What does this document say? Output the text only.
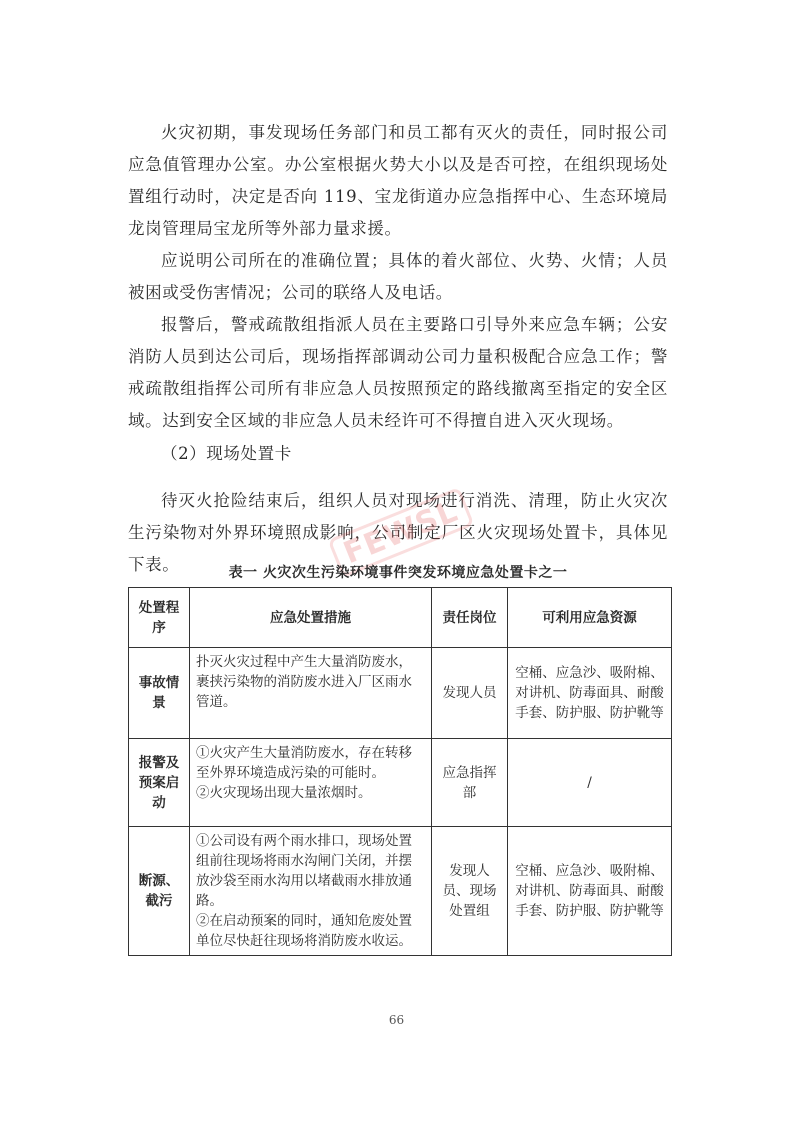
火灾初期，事发现场任务部门和员工都有灭火的责任，同时报公司应急值管理办公室。办公室根据火势大小以及是否可控，在组织现场处置组行动时，决定是否向 119、宝龙街道办应急指挥中心、生态环境局龙岗管理局宝龙所等外部力量求援。

应说明公司所在的准确位置；具体的着火部位、火势、火情；人员被困或受伤害情况；公司的联络人及电话。

报警后，警戒疏散组指派人员在主要路口引导外来应急车辆；公安消防人员到达公司后，现场指挥部调动公司力量积极配合应急工作；警戒疏散组指挥公司所有非应急人员按照预定的路线撤离至指定的安全区域。达到安全区域的非应急人员未经许可不得擅自进入灭火现场。

（2）现场处置卡

待灭火抢险结束后，组织人员对现场进行消洗、清理，防止火灾次生污染物对外界环境照成影响，公司制定厂区火灾现场处置卡，具体见下表。	FEWSL
表一 火灾次生污染环境事件突发环境应急处置卡之一
处置程序	应急处置措施	责任岗位	可利用应急资源
事故情景	扑灭火灾过程中产生大量消防废水，裹挟污染物的消防废水进入厂区雨水管道。	发现人员	空桶、应急沙、吸附棉、对讲机、防毒面具、耐酸手套、防护服、防护靴等
报警及预案启动	①火灾产生大量消防废水，存在转移至外界环境造成污染的可能时。
②火灾现场出现大量浓烟时。	应急指挥部	/
断源、截污	①公司设有两个雨水排口，现场处置组前往现场将雨水沟闸门关闭，并摆放沙袋至雨水沟用以堵截雨水排放通路。
②在启动预案的同时，通知危废处置单位尽快赶往现场将消防废水收运。	发现人员、现场处置组	空桶、应急沙、吸附棉、对讲机、防毒面具、耐酸手套、防护服、防护靴等
66
